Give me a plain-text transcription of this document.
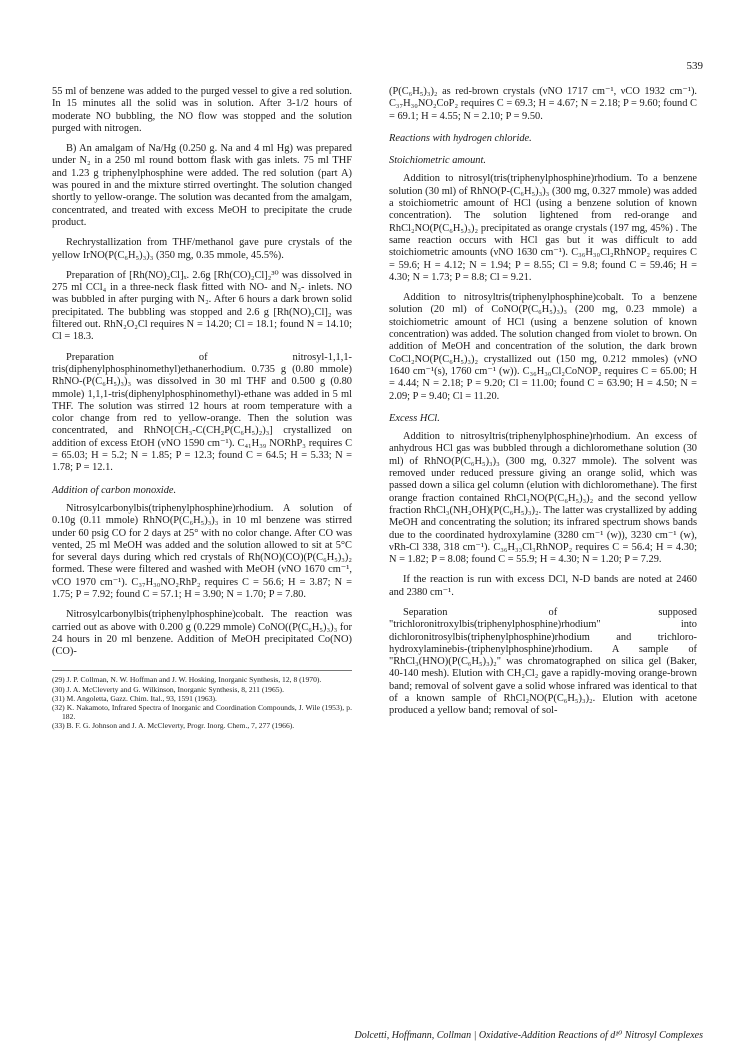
539

55 ml of benzene was added to the purged vessel to give a red solution. In 15 minutes all the solid was in solution. After 3-1/2 hours of moderate NO bubbling, the NO flow was stopped and the solution purged with nitrogen.

B) An amalgam of Na/Hg (0.250 g. Na and 4 ml Hg) was prepared under N₂ in a 250 ml round bottom flask with gas inlets. 75 ml THF and 1.23 g triphenylphosphine were added. The red solution (part A) was poured in and the mixture stirred overtinght. The solution changed shortly to yellow-orange. The solution was decanted from the amalgam, concentrated, and treated with excess MeOH to precipitate the crude product.

Rechrystallization from THF/methanol gave pure crystals of the yellow IrNO(P(C₆H₅)₃)₃ (350 mg, 0.35 mmole, 45.5%).

Preparation of [Rh(NO)₂Cl]ₓ. 2.6g [Rh(CO)₂Cl]₂³⁰ was dissolved in 275 ml CCl₄ in a three-neck flask fitted with NO- and N₂- inlets. NO was bubbled in after purging with N₂. After 6 hours a dark brown solid precipitated. The bubbling was stopped and 2.6 g [Rh(NO)₂Cl]₂ was filtered out. RhN₂O₂Cl requires N = 14.20; Cl = 18.1; found N = 14.10; Cl = 18.3.

Preparation of nitrosyl-1,1,1-tris(diphenylphosphinomethyl)ethanerhodium. 0.735 g (0.80 mmole) RhNO-(P(C₆H₅)₃)₃ was dissolved in 30 ml THF and 0.500 g (0.80 mmole) 1,1,1-tris(diphenylphosphinomethyl)-ethane was added in 5 ml THF. The solution was stirred 12 hours at room temperature with a color change from red to yellow-orange. Then the solution was concentrated, and RhNO[CH₃-C(CH₂P(C₆H₅)₂)₃] crystallized on addition of excess EtOH (νNO 1590 cm⁻¹). C₄₁H₃₉ NORhP₃ requires C = 65.03; H = 5.2; N = 1.85; P = 12.3; found C = 64.5; H = 5.33; N = 1.78; P = 12.1.

Addition of carbon monoxide.

Nitrosylcarbonylbis(triphenylphosphine)rhodium. A solution of 0.10g (0.11 mmole) RhNO(P(C₆H₅)₃)₃ in 10 ml benzene was stirred under 60 psig CO for 2 days at 25° with no color change. After CO was vented, 25 ml MeOH was added and the solution allowed to sit at 5°C for several days during which red crystals of Rh(NO)(CO)(P(C₆H₅)₃)₂ formed. These were filtered and washed with MeOH (νNO 1670 cm⁻¹, νCO 1970 cm⁻¹). C₃₇H₃₀NO₂RhP₂ requires C = 56.6; H = 3.87; N = 1.75; P = 7.92; found C = 57.1; H = 3.90; N = 1.70; P = 7.80.

Nitrosylcarbonylbis(triphenylphosphine)cobalt. The reaction was carried out as above with 0.200 g (0.229 mmole) CoNO((P(C₆H₅)₃)₃ for 24 hours in 20 ml benzene. Addition of MeOH precipitated Co(NO)(CO)-

(29) J. P. Collman, N. W. Hoffman and J. W. Hosking, Inorganic Synthesis, 12, 8 (1970).
(30) J. A. McCleverty and G. Wilkinson, Inorganic Synthesis, 8, 211 (1965).
(31) M. Angoletta, Gazz. Chim. Ital., 93, 1591 (1963).
(32) K. Nakamoto, Infrared Spectra of Inorganic and Coordination Compounds, J. Wile (1953), p. 182.
(33) B. F. G. Johnson and J. A. McCleverty, Progr. Inorg. Chem., 7, 277 (1966).

(P(C₆H₅)₃)₂ as red-brown crystals (νNO 1717 cm⁻¹, νCO 1932 cm⁻¹). C₃₇H₃₀NO₂CoP₂ requires C = 69.3; H = 4.67; N = 2.18; P = 9.60; found C = 69.1; H = 4.55; N = 2.10; P = 9.50.

Reactions with hydrogen chloride.
Stoichiometric amount.

Addition to nitrosyl(tris(triphenylphosphine)rhodium. To a benzene solution (30 ml) of RhNO(P-(C₆H₅)₃)₃ (300 mg, 0.327 mmole) was added a stoichiometric amount of HCl (using a benzene solution of known concentration). The solution lightened from red-orange and RhCl₂NO(P(C₆H₅)₃)₂ precipitated as orange crystals (197 mg, 45%) . The same reaction occurs with HCl gas but it was difficult to add stoichiometric amounts (νNO 1630 cm⁻¹). C₃₆H₃₀Cl₂RhNOP₂ requires C = 59.6; H = 4.12; N = 1.94; P = 8.55; Cl = 9.8; found C = 59.46; H = 4.30; N = 1.73; P = 8.8; Cl = 9.21.

Addition to nitrosyltris(triphenylphosphine)cobalt. To a benzene solution (20 ml) of CoNO(P(C₆H₅)₃)₃ (200 mg, 0.23 mmole) a stoichiometric amount of HCl (using a benzene solution of known concentration) was added. The solution changed from violet to brown. On addition of MeOH and concentration of the solution, the dark brown CoCl₂NO(P(C₆H₅)₃)₂ crystallized out (150 mg, 0.212 mmoles) (νNO 1640 cm⁻¹(s), 1760 cm⁻¹ (w)). C₃₆H₃₀Cl₂CoNOP₂ requires C = 65.00; H = 4.44; N = 2.18; P = 9.20; Cl = 11.00; found C = 63.90; H = 4.50; N = 2.09; P = 9.40; Cl = 11.20.

Excess HCl.

Addition to nitrosyltris(triphenylphosphine)rhodium. An excess of anhydrous HCl gas was bubbled through a dichloromethane solution (30 ml) of RhNO(P(C₆H₅)₃)₃ (300 mg, 0.327 mmole). The solvent was removed under reduced pressure giving an orange solid, which was passed down a silica gel column (elution with dichloromethane). The first orange fraction contained RhCl₂NO(P(C₆H₅)₃)₂ and the second yellow fraction RhCl₃(NH₂OH)(P(C₆H₅)₃)₂. The latter was crystallized by adding MeOH and concentrating the solution; its infrared spectrum shows bands due to the coordinated hydroxylamine (3280 cm⁻¹ (w)), 3230 cm⁻¹ (w), νRh-Cl 338, 318 cm⁻¹). C₃₆H₃₃Cl₃RhNOP₂ requires C = 56.4; H = 4.30; N = 1.82; P = 8.08; found C = 55.9; H = 4.30; N = 1.20; P = 7.29.

If the reaction is run with excess DCl, N-D bands are noted at 2460 and 2380 cm⁻¹.

Separation of supposed "trichloronitroxylbis(triphenylphosphine)rhodium" into dichloronitrosylbis(triphenylphosphine)rhodium and trichloro-hydroxylaminebis-(triphenylphosphine)rhodium. A sample of "RhCl₃(HNO)(P(C₆H₅)₃)₂" was chromatographed on silica gel (Baker, 40-140 mesh). Elution with CH₂Cl₂ gave a rapidly-moving orange-brown band; removal of solvent gave a solid whose infrared was identical to that of a known sample of RhCl₂NO(P(C₆H₅)₃)₂. Elution with acetone produced a yellow band; removal of sol-

Dolcetti, Hoffmann, Collman | Oxidative-Addition Reactions of d¹⁰ Nitrosyl Complexes
